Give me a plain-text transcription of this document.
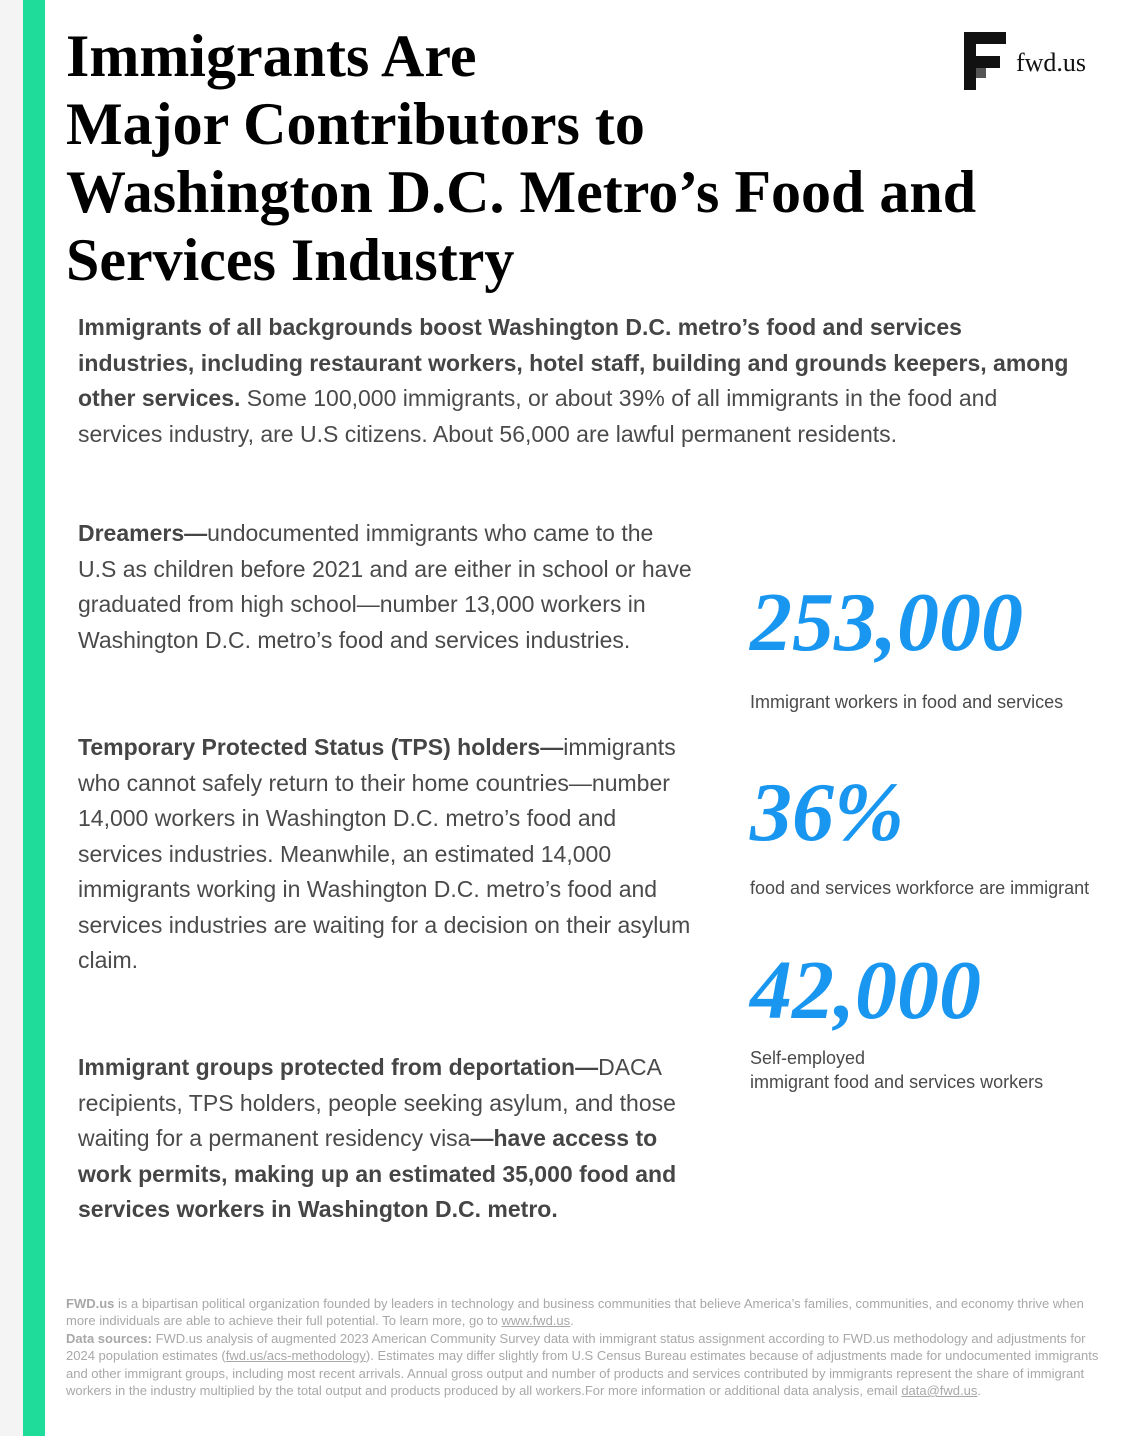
Immigrants Are
Major Contributors to
Washington D.C. Metro’s Food and
Services Industry
fwd.us

Immigrants of all backgrounds boost Washington D.C. metro’s food and services industries, including restaurant workers, hotel staff, building and grounds keepers, among other services. Some 100,000 immigrants, or about 39% of all immigrants in the food and services industry, are U.S citizens. About 56,000 are lawful permanent residents.

Dreamers—undocumented immigrants who came to the U.S as children before 2021 and are either in school or have graduated from high school—number 13,000 workers in Washington D.C. metro’s food and services industries.

Temporary Protected Status (TPS) holders—immigrants who cannot safely return to their home countries—number 14,000 workers in Washington D.C. metro’s food and services industries. Meanwhile, an estimated 14,000 immigrants working in Washington D.C. metro’s food and services industries are waiting for a decision on their asylum claim.

Immigrant groups protected from deportation—DACA recipients, TPS holders, people seeking asylum, and those waiting for a permanent residency visa—have access to work permits, making up an estimated 35,000 food and services workers in Washington D.C. metro.

253,000
Immigrant workers in food and services
36%
food and services workforce are immigrant
42,000
Self-employed
immigrant food and services workers
FWD.us is a bipartisan political organization founded by leaders in technology and business communities that believe America’s families, communities, and economy thrive when more individuals are able to achieve their full potential. To learn more, go to www.fwd.us.
Data sources: FWD.us analysis of augmented 2023 American Community Survey data with immigrant status assignment according to FWD.us methodology and adjustments for 2024 population estimates (fwd.us/acs-methodology). Estimates may differ slightly from U.S Census Bureau estimates because of adjustments made for undocumented immigrants and other immigrant groups, including most recent arrivals. Annual gross output and number of products and services contributed by immigrants represent the share of immigrant workers in the industry multiplied by the total output and products produced by all workers.For more information or additional data analysis, email data@fwd.us.
